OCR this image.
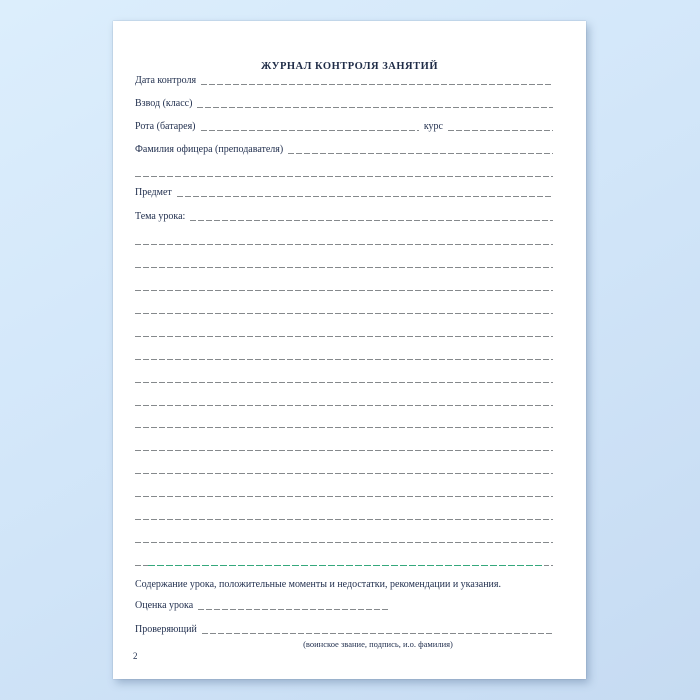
ЖУРНАЛ КОНТРОЛЯ ЗАНЯТИЙ
Дата контроля
Взвод (класс)
Рота (батарея)	курс
Фамилия офицера (преподавателя)
Предмет
Тема урока:
Содержание урока, положительные моменты и недостатки, рекомендации и указания.
Оценка урока
Проверяющий
(воинское звание, подпись, и.о. фамилия)
2
